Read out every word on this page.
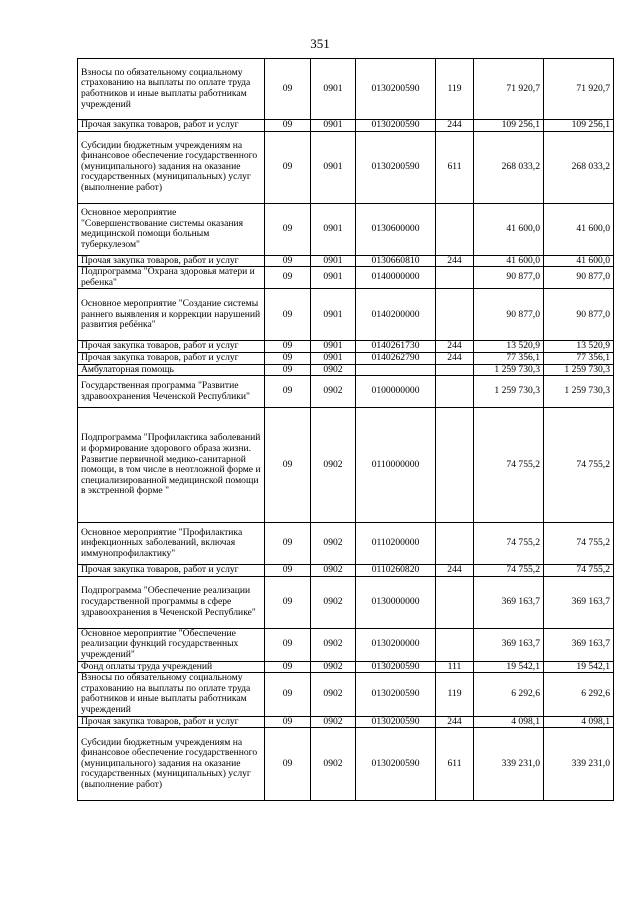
351
Взносы по обязательному социальному страхованию на выплаты по оплате труда работников и иные выплаты работникам учреждений	09	0901	0130200590	119	71 920,7	71 920,7
Прочая закупка товаров, работ и услуг	09	0901	0130200590	244	109 256,1	109 256,1
Субсидии бюджетным учреждениям на финансовое обеспечение государственного (муниципального) задания на оказание государственных (муниципальных) услуг (выполнение работ)	09	0901	0130200590	611	268 033,2	268 033,2
Основное мероприятие "Совершенствование системы оказания медицинской помощи больным туберкулезом"	09	0901	0130600000		41 600,0	41 600,0
Прочая закупка товаров, работ и услуг	09	0901	0130660810	244	41 600,0	41 600,0
Подпрограмма "Охрана здоровья матери и ребенка"	09	0901	0140000000		90 877,0	90 877,0
Основное мероприятие "Создание системы раннего выявления и коррекции нарушений развития ребёнка"	09	0901	0140200000		90 877,0	90 877,0
Прочая закупка товаров, работ и услуг	09	0901	0140261730	244	13 520,9	13 520,9
Прочая закупка товаров, работ и услуг	09	0901	0140262790	244	77 356,1	77 356,1
Амбулаторная помощь	09	0902			1 259 730,3	1 259 730,3
Государственная программа "Развитие здравоохранения Чеченской Республики"	09	0902	0100000000		1 259 730,3	1 259 730,3
Подпрограмма "Профилактика заболеваний и формирование здорового образа жизни. Развитие первичной медико-санитарной помощи, в том числе в неотложной форме и специализированной медицинской помощи в экстренной форме "	09	0902	0110000000		74 755,2	74 755,2
Основное мероприятие "Профилактика инфекционных заболеваний, включая иммунопрофилактику"	09	0902	0110200000		74 755,2	74 755,2
Прочая закупка товаров, работ и услуг	09	0902	0110260820	244	74 755,2	74 755,2
Подпрограмма "Обеспечение реализации государственной программы в сфере здравоохранения в Чеченской Республике"	09	0902	0130000000		369 163,7	369 163,7
Основное мероприятие "Обеспечение реализации функций государственных учреждений"	09	0902	0130200000		369 163,7	369 163,7
Фонд оплаты труда учреждений	09	0902	0130200590	111	19 542,1	19 542,1
Взносы по обязательному социальному страхованию на выплаты по оплате труда работников и иные выплаты работникам учреждений	09	0902	0130200590	119	6 292,6	6 292,6
Прочая закупка товаров, работ и услуг	09	0902	0130200590	244	4 098,1	4 098,1
Субсидии бюджетным учреждениям на финансовое обеспечение государственного (муниципального) задания на оказание государственных (муниципальных) услуг (выполнение работ)	09	0902	0130200590	611	339 231,0	339 231,0
